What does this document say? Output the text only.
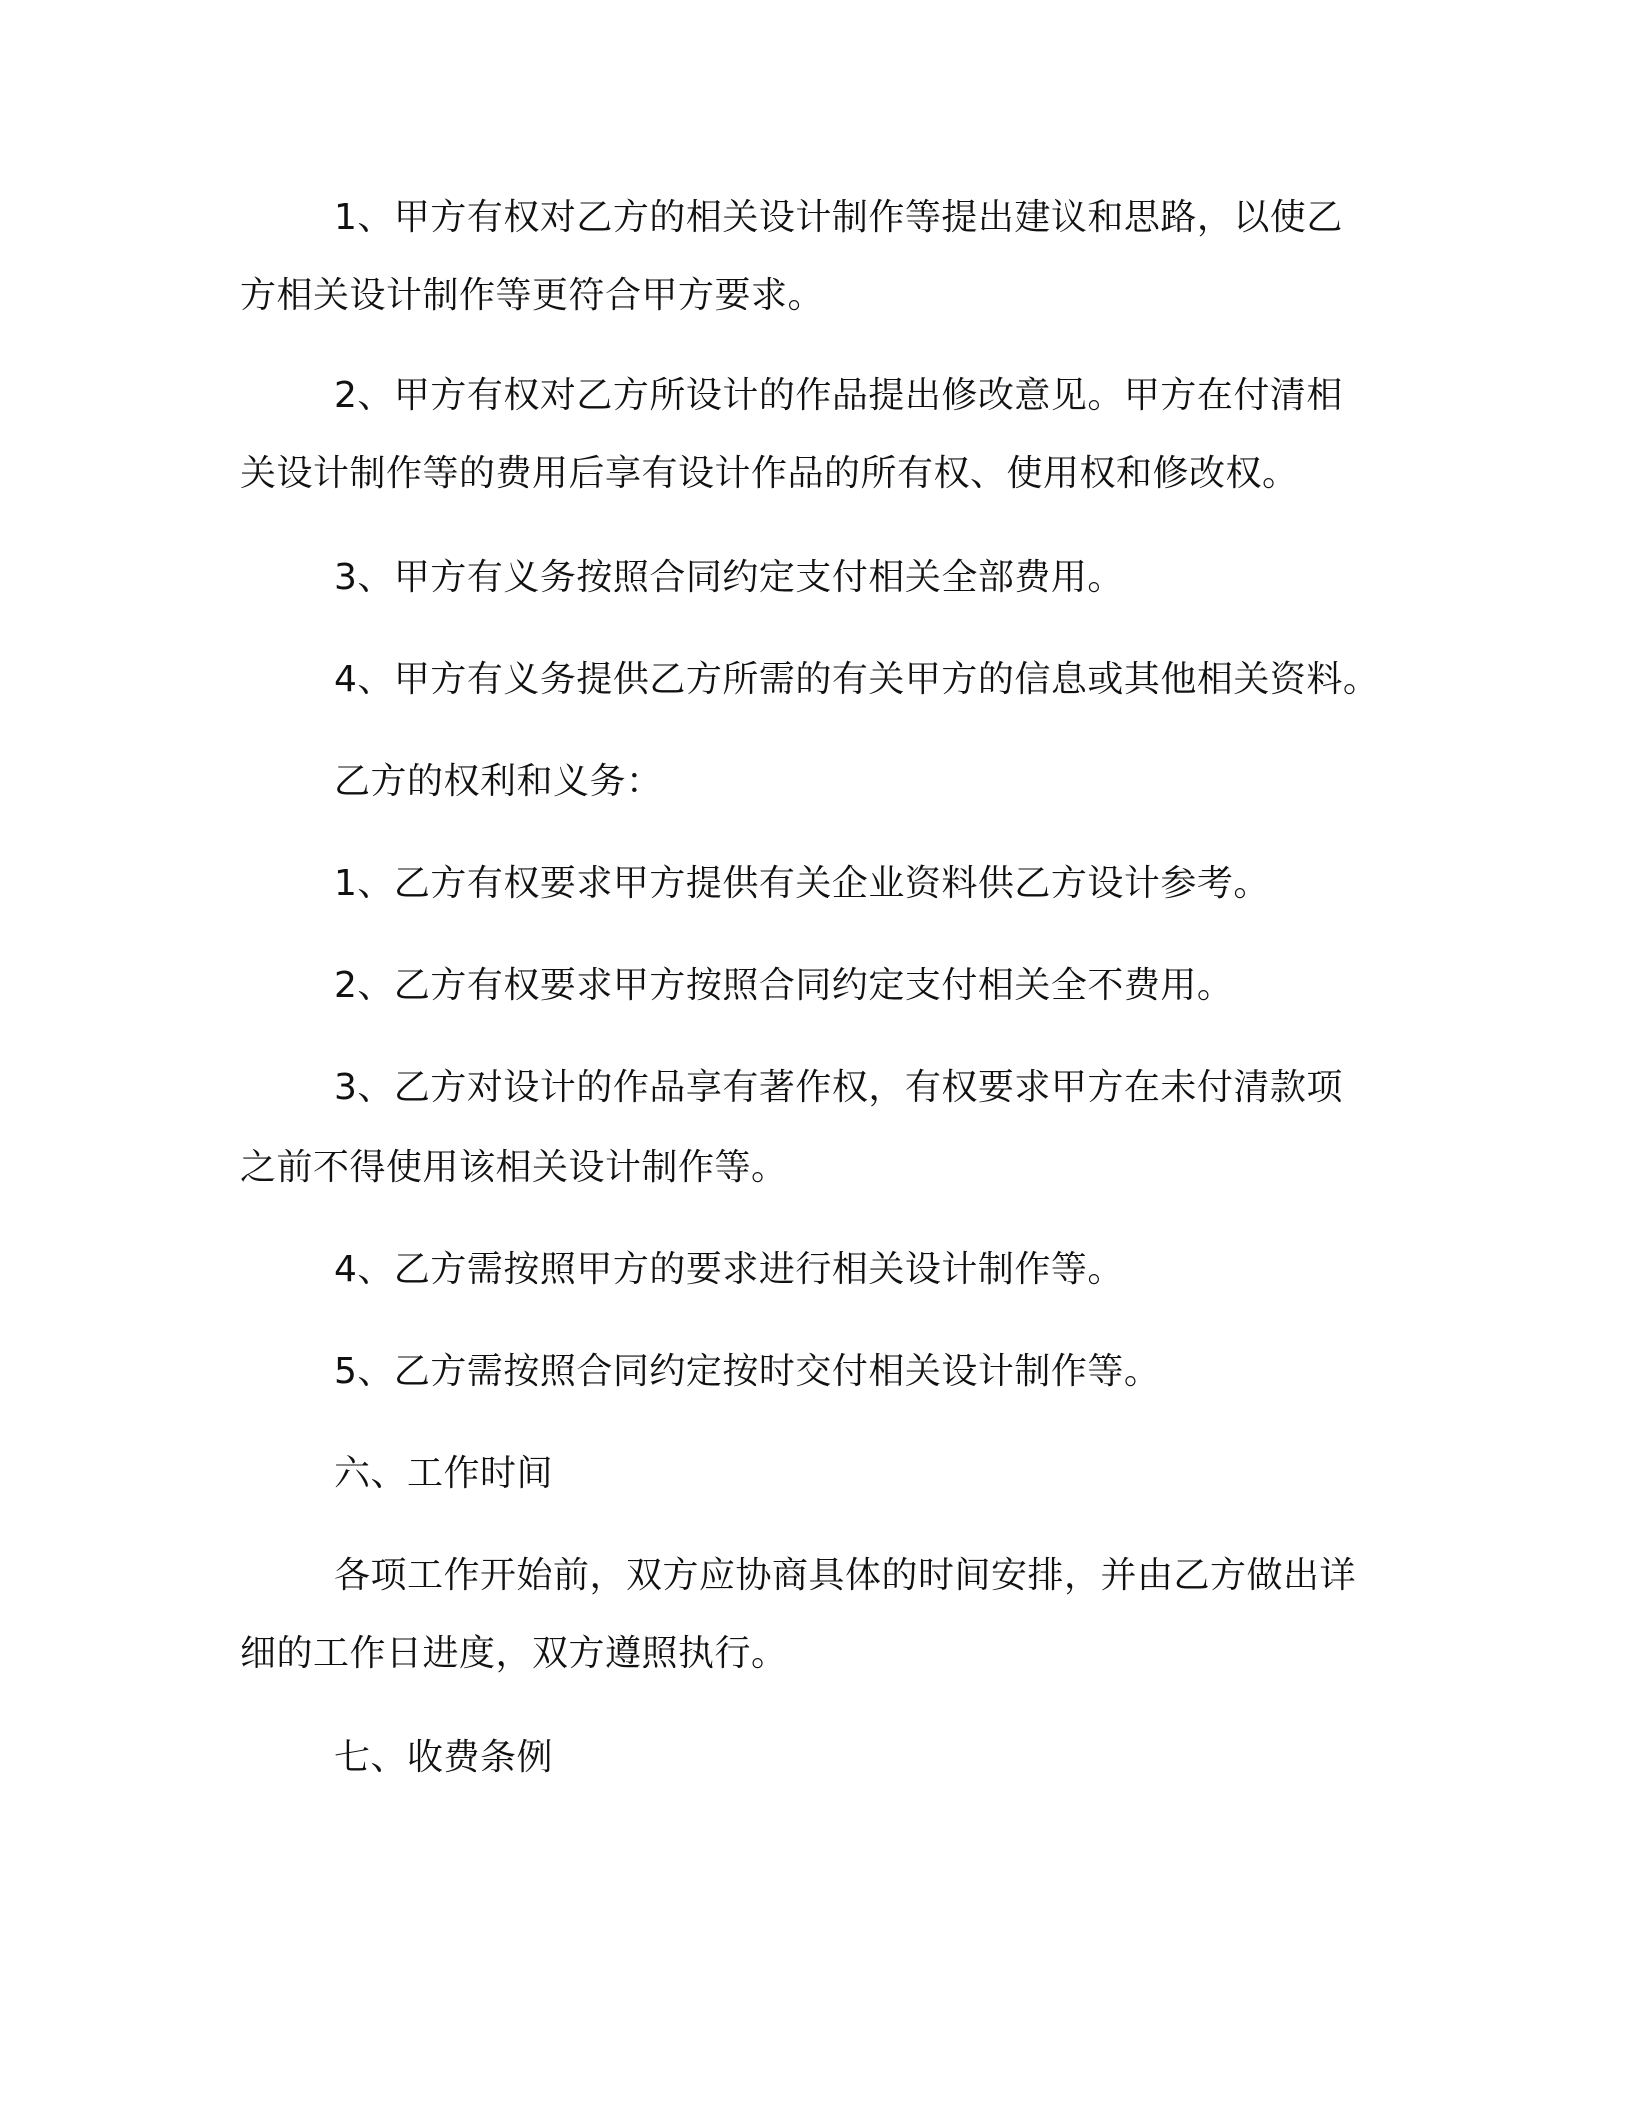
1、甲方有权对乙方的相关设计制作等提出建议和思路，以使乙
方相关设计制作等更符合甲方要求。
2、甲方有权对乙方所设计的作品提出修改意见。甲方在付清相
关设计制作等的费用后享有设计作品的所有权、使用权和修改权。
3、甲方有义务按照合同约定支付相关全部费用。
4、甲方有义务提供乙方所需的有关甲方的信息或其他相关资料。
乙方的权利和义务：
1、乙方有权要求甲方提供有关企业资料供乙方设计参考。
2、乙方有权要求甲方按照合同约定支付相关全不费用。
3、乙方对设计的作品享有著作权，有权要求甲方在未付清款项
之前不得使用该相关设计制作等。
4、乙方需按照甲方的要求进行相关设计制作等。
5、乙方需按照合同约定按时交付相关设计制作等。
六、工作时间
各项工作开始前，双方应协商具体的时间安排，并由乙方做出详
细的工作日进度，双方遵照执行。
七、收费条例
